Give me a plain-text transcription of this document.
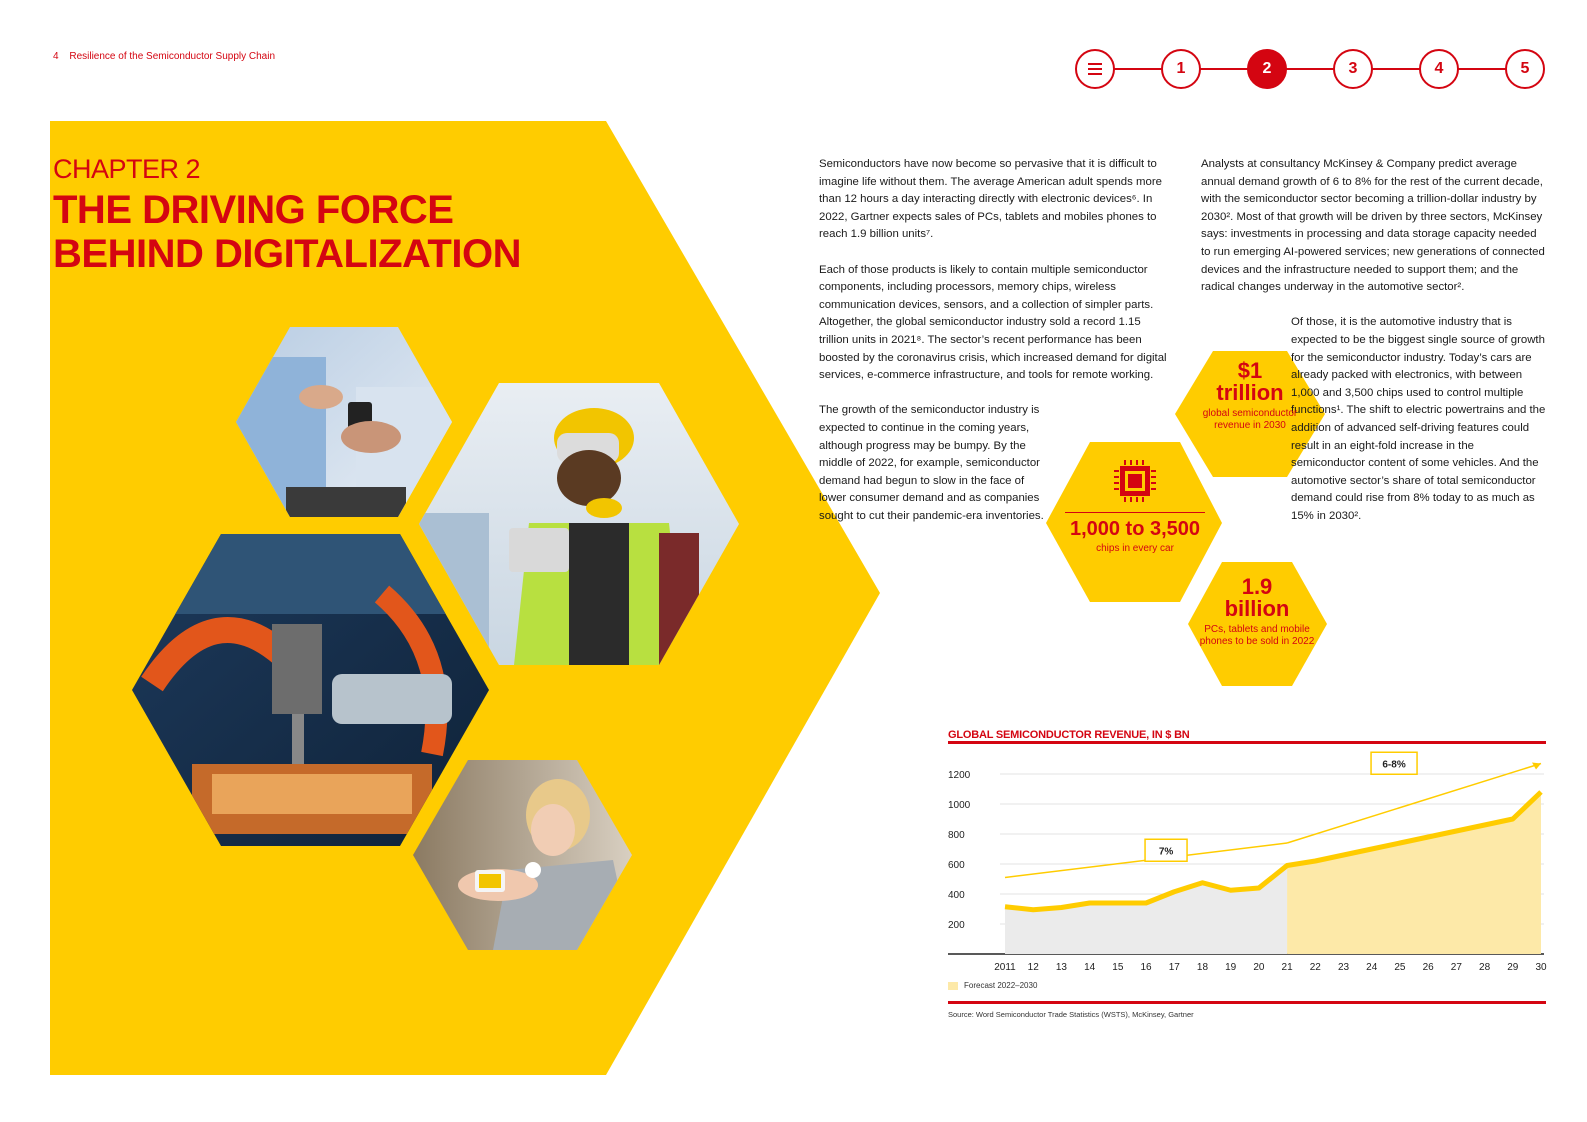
4 Resilience of the Semiconductor Supply Chain
1	2	3	4	5
CHAPTER 2
THE DRIVING FORCE
BEHIND DIGITALIZATION

Semiconductors have now become so pervasive that it is difficult to imagine life without them. The average American adult spends more than 12 hours a day interacting directly with electronic devices⁶. In 2022, Gartner expects sales of PCs, tablets and mobiles phones to reach 1.9 billion units⁷.

Each of those products is likely to contain multiple semiconductor components, including processors, memory chips, wireless communication devices, sensors, and a collection of simpler parts. Altogether, the global semiconductor industry sold a record 1.15 trillion units in 2021⁸. The sector’s recent performance has been boosted by the coronavirus crisis, which increased demand for digital services, e-commerce infrastructure, and tools for remote working.

The growth of the semiconductor industry is expected to continue in the coming years, although progress may be bumpy. By the middle of 2022, for example, semiconductor demand had begun to slow in the face of lower consumer demand and as companies sought to cut their pandemic-era inventories.

Analysts at consultancy McKinsey & Company predict average annual demand growth of 6 to 8% for the rest of the current decade, with the semiconductor sector becoming a trillion-dollar industry by 2030². Most of that growth will be driven by three sectors, McKinsey says: investments in processing and data storage capacity needed to run emerging AI-powered services; new generations of connected devices and the infrastructure needed to support them; and the radical changes underway in the automotive sector².

Of those, it is the automotive industry that is expected to be the biggest single source of growth for the semiconductor industry. Today’s cars are already packed with electronics, with between 1,000 and 3,500 chips used to control multiple functions¹. The shift to electric powertrains and the addition of advanced self-driving features could result in an eight-fold increase in the semiconductor content of some vehicles. And the automotive sector’s share of total semiconductor demand could rise from 8% today to as much as 15% in 2030².

$1
trillion
global semiconductor revenue in 2030
1,000 to 3,500
chips in every car
1.9
billion
PCs, tablets and mobile phones to be sold in 2022
GLOBAL SEMICONDUCTOR REVENUE, IN $ BN
200
400
600
800
1000
1200
7%
6-8%
2011 12 13 14 15 16 17 18 19 20 21 22 23 24 25 26 27 28 29 30
Forecast 2022–2030
Source: Word Semiconductor Trade Statistics (WSTS), McKinsey, Gartner
